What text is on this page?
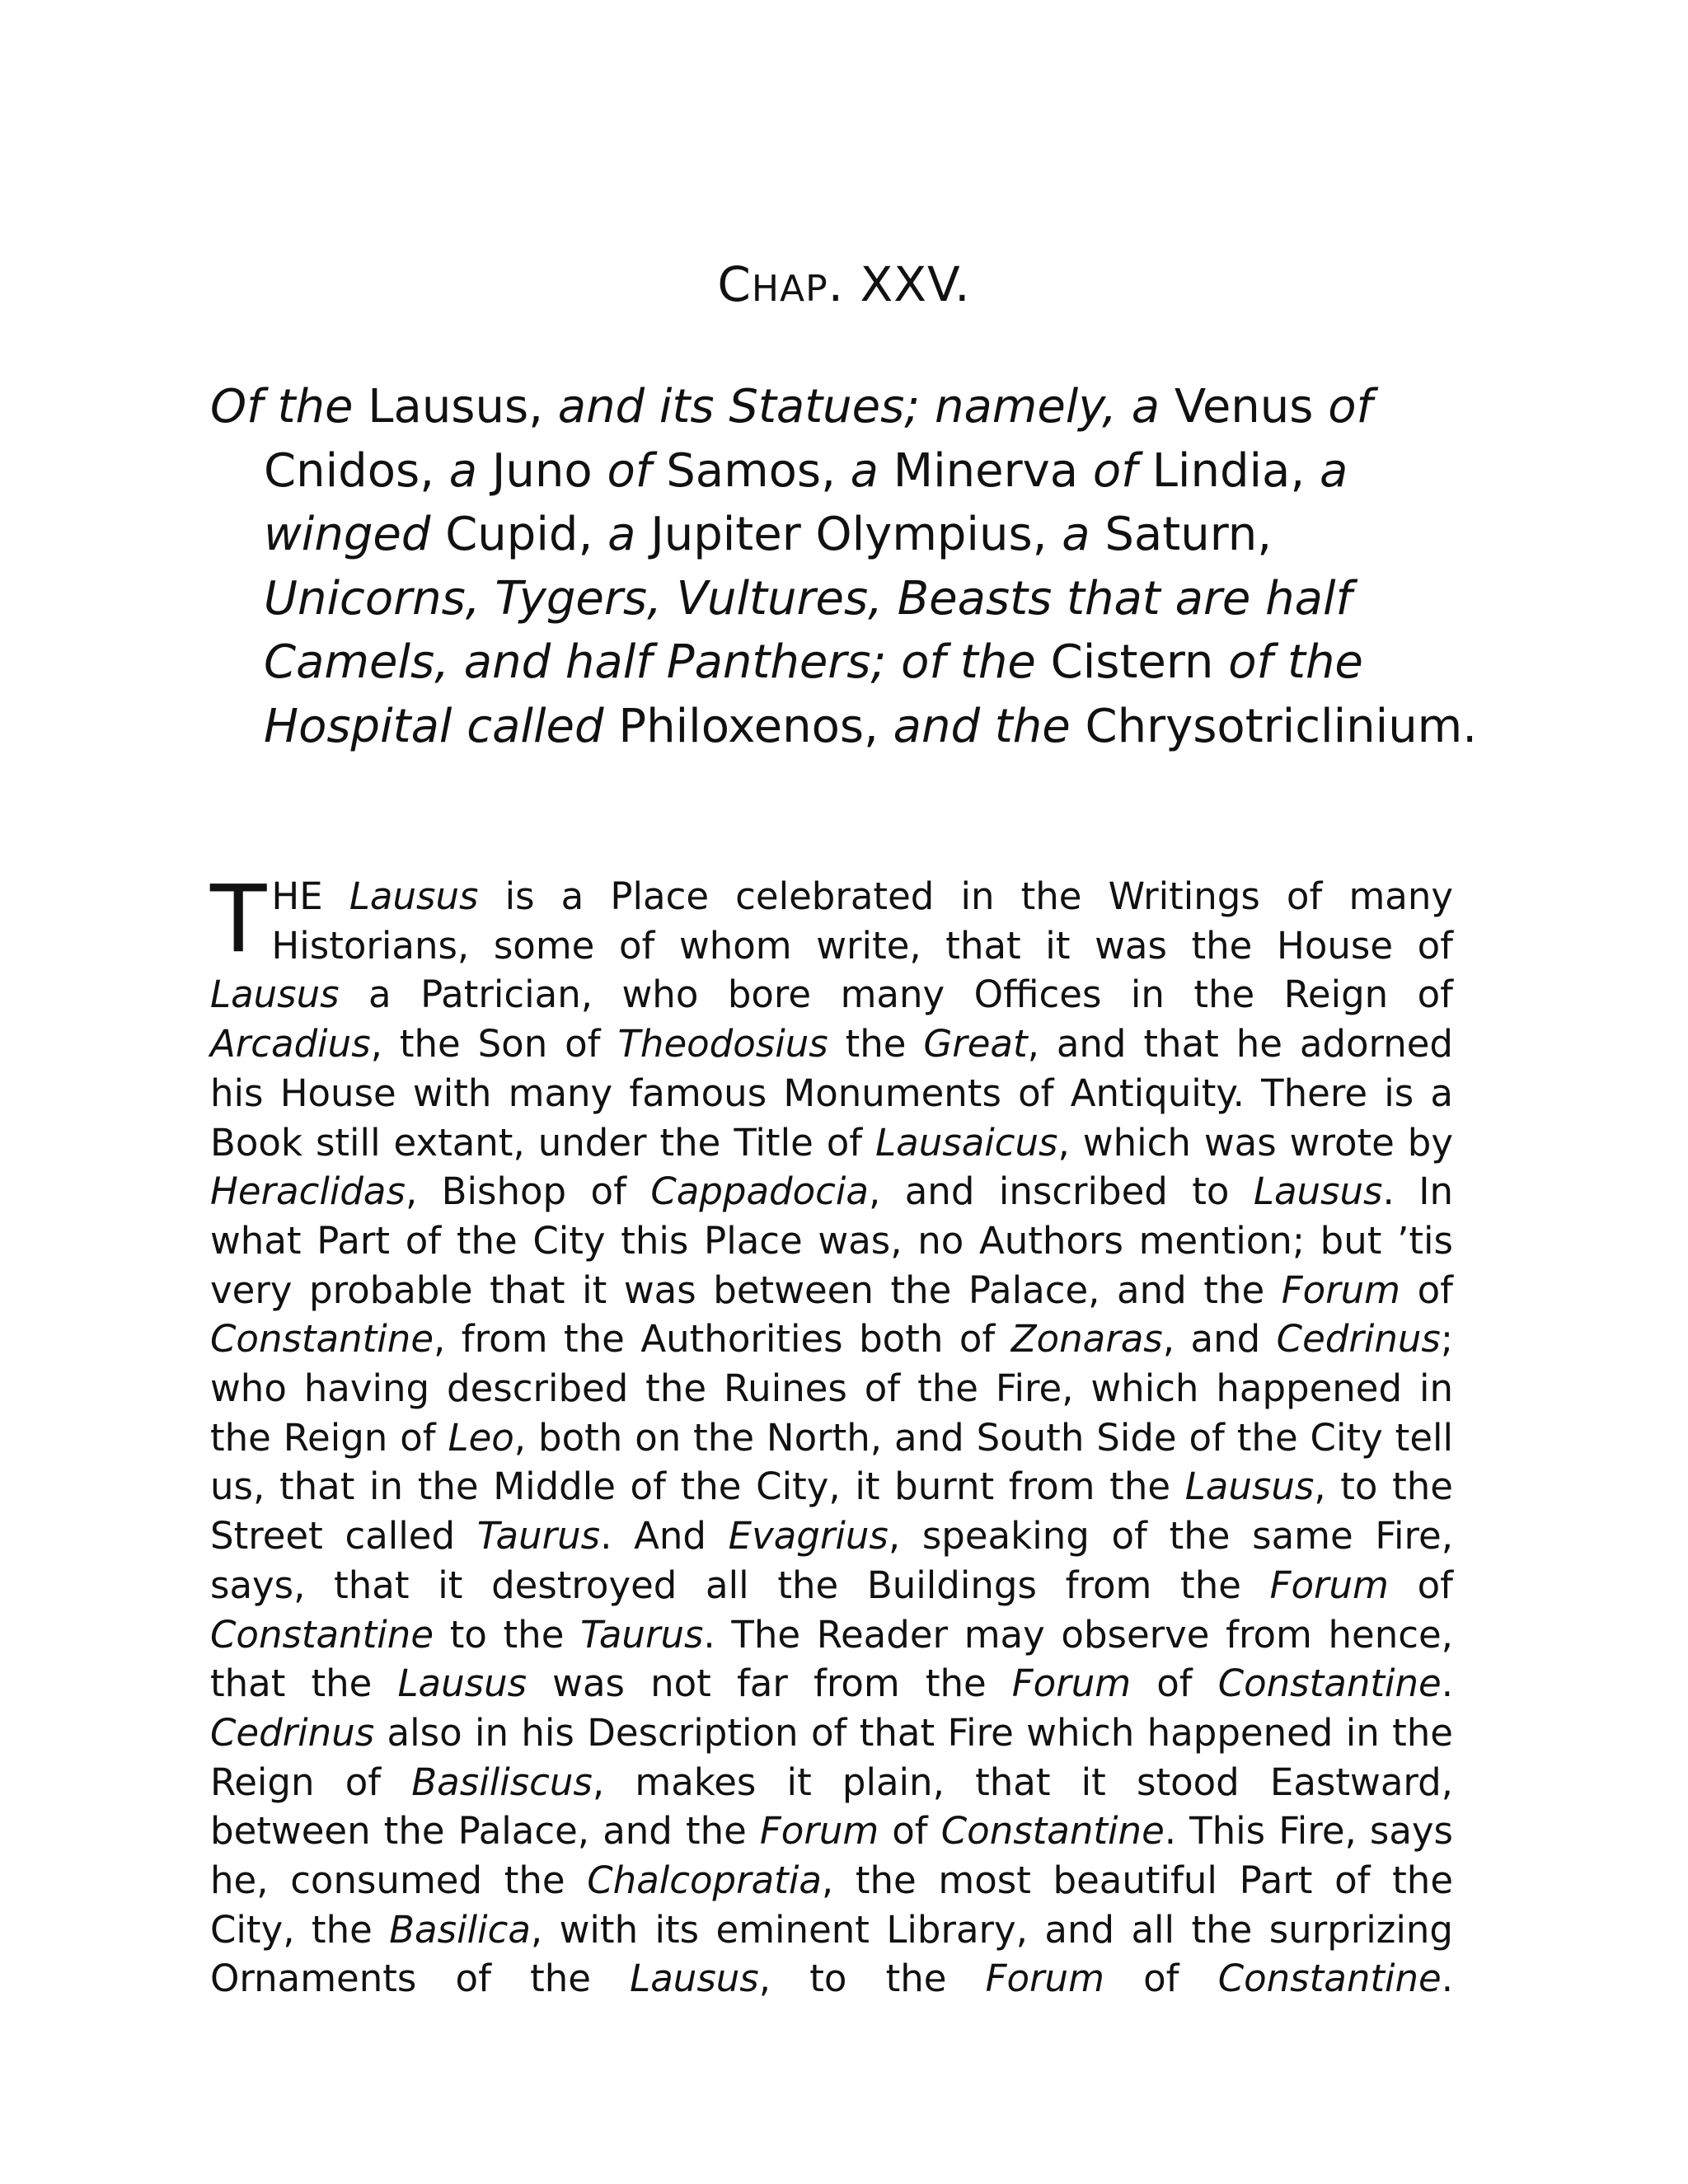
CHAP. XXV.
Of the Lausus, and its Statues; namely, a Venus of Cnidos, a Juno of Samos, a Minerva of Lindia, a winged Cupid, a Jupiter Olympius, a Saturn, Unicorns, Tygers, Vultures, Beasts that are half Camels, and half Panthers; of the Cistern of the Hospital called Philoxenos, and the Chrysotriclinium.
THE Lausus is a Place celebrated in the Writings of many Historians, some of whom write, that it was the House of Lausus a Patrician, who bore many Offices in the Reign of Arcadius, the Son of Theodosius the Great, and that he adorned his House with many famous Monuments of Antiquity. There is a Book still extant, under the Title of Lausaicus, which was wrote by Heraclidas, Bishop of Cappadocia, and inscribed to Lausus. In what Part of the City this Place was, no Authors mention; but ’tis very probable that it was between the Palace, and the Forum of Constantine, from the Authorities both of Zonaras, and Cedrinus; who having described the Ruines of the Fire, which happened in the Reign of Leo, both on the North, and South Side of the City tell us, that in the Middle of the City, it burnt from the Lausus, to the Street called Taurus. And Evagrius, speaking of the same Fire, says, that it destroyed all the Buildings from the Forum of Constantine to the Taurus. The Reader may observe from hence, that the Lausus was not far from the Forum of Constantine. Cedrinus also in his Description of that Fire which happened in the Reign of Basiliscus, makes it plain, that it stood Eastward, between the Palace, and the Forum of Constantine. This Fire, says he, consumed the Chalcopratia, the most beautiful Part of the City, the Basilica, with its eminent Library, and all the surprizing Ornaments of the Lausus, to the Forum of Constantine.
